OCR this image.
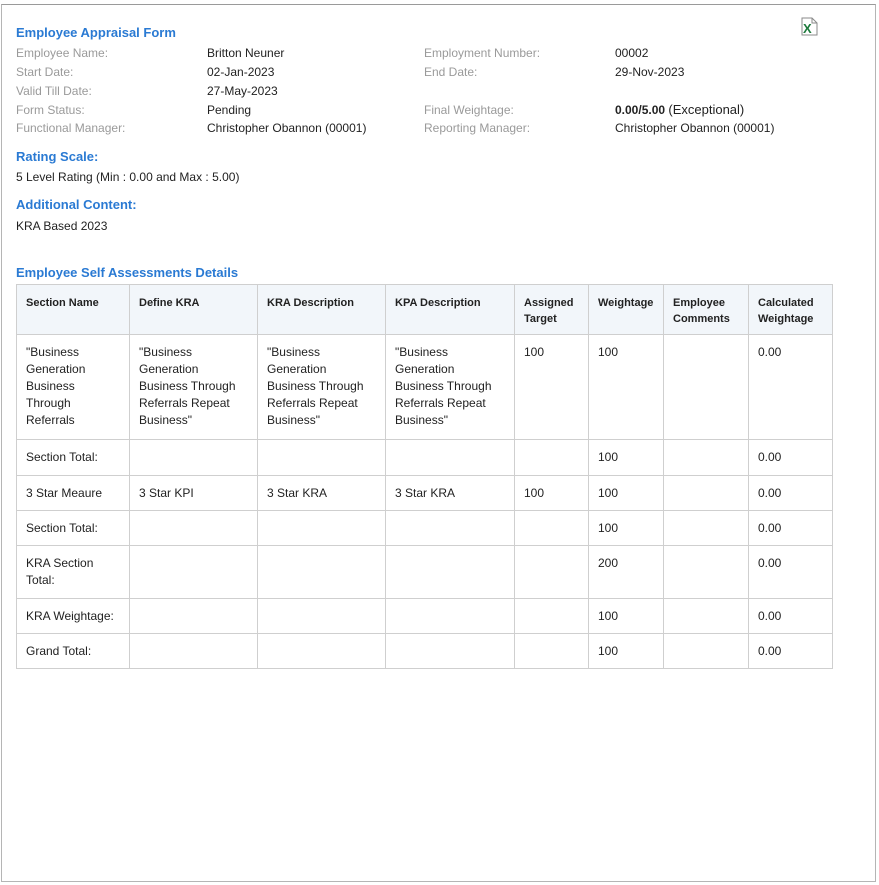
X
Employee Appraisal Form
Employee Name:	Britton Neuner	Employment Number:	00002
Start Date:	02-Jan-2023	End Date:	29-Nov-2023
Valid Till Date:	27-May-2023
Form Status:	Pending	Final Weightage:	0.00/5.00 (Exceptional)
Functional Manager:	Christopher Obannon (00001)	Reporting Manager:	Christopher Obannon (00001)
Rating Scale:
5 Level Rating (Min : 0.00 and Max : 5.00)
Additional Content:
KRA Based 2023
Employee Self Assessments Details
Section Name	Define KRA	KRA Description	KPA Description	Assigned Target	Weightage	Employee Comments	Calculated Weightage
"Business Generation Business Through Referrals	"Business Generation Business Through Referrals Repeat Business"	"Business Generation Business Through Referrals Repeat Business"	"Business Generation Business Through Referrals Repeat Business"	100	100		0.00
Section Total:					100		0.00
3 Star Meaure	3 Star KPI	3 Star KRA	3 Star KRA	100	100		0.00
Section Total:					100		0.00
KRA Section Total:					200		0.00
KRA Weightage:					100		0.00
Grand Total:					100		0.00
